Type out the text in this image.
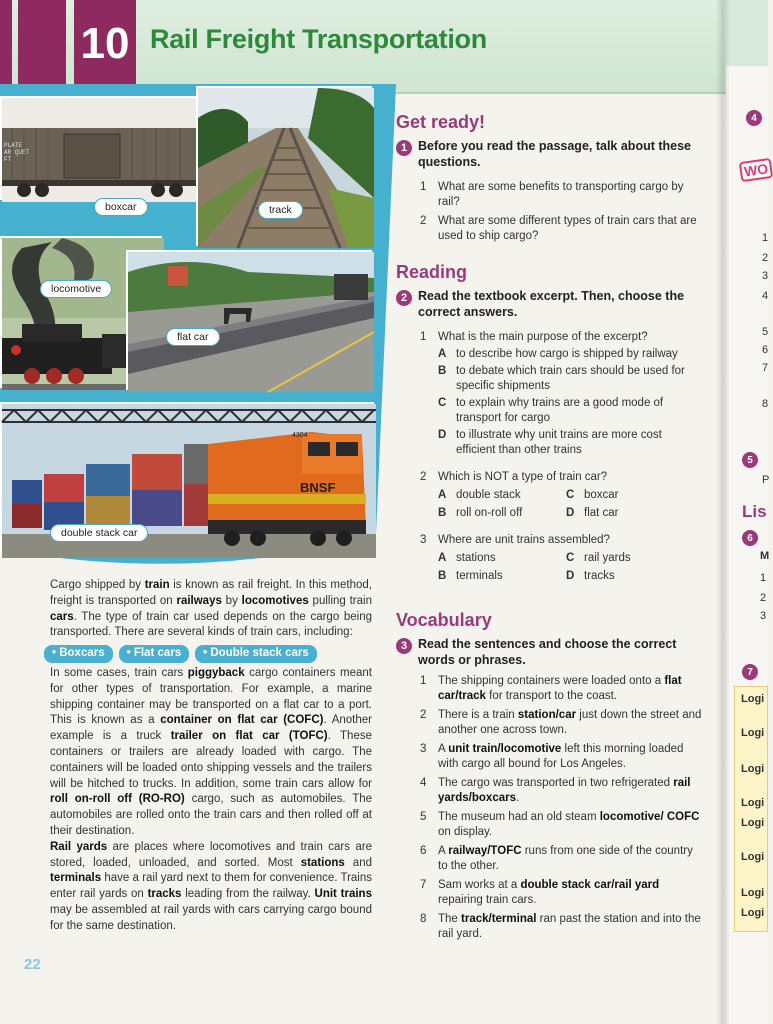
10 Rail Freight Transportation
PLATE
AR QUET
FT
BNSF
4304
boxcar	track
locomotive
flat car
double stack car

Cargo shipped by train is known as rail freight. In this method, freight is transported on railways by locomotives pulling train cars. The type of train car used depends on the cargo being transported. There are several kinds of train cars, including:

• Boxcars	• Flat cars	• Double stack cars

In some cases, train cars piggyback cargo containers meant for other types of transportation. For example, a marine shipping container may be transported on a flat car to a port. This is known as a container on flat car (COFC). Another example is a truck trailer on flat car (TOFC). These containers or trailers are already loaded with cargo. The containers will be loaded onto shipping vessels and the trailers will be hitched to trucks. In addition, some train cars allow for roll on-roll off (RO-RO) cargo, such as automobiles. The automobiles are rolled onto the train cars and then rolled off at their destination.

Rail yards are places where locomotives and train cars are stored, loaded, unloaded, and sorted. Most stations and terminals have a rail yard next to them for convenience. Trains enter rail yards on tracks leading from the railway. Unit trains may be assembled at rail yards with cars carrying cargo bound for the same destination.

22
Get ready!
1 Before you read the passage, talk about these questions.
1	What are some benefits to transporting cargo by rail?
2	What are some different types of train cars that are used to ship cargo?
Reading
2 Read the textbook excerpt. Then, choose the correct answers.
1	What is the main purpose of the excerpt?
A to describe how cargo is shipped by railway
B to debate which train cars should be used for specific shipments
C to explain why trains are a good mode of transport for cargo
D to illustrate why unit trains are more cost efficient than other trains
2	Which is NOT a type of train car?
A double stack	C boxcar
B roll on-roll off	D flat car
3	Where are unit trains assembled?
A stations	C rail yards
B terminals	D tracks
Vocabulary
3 Read the sentences and choose the correct words or phrases.
1	The shipping containers were loaded onto a flat car/track for transport to the coast.
2	There is a train station/car just down the street and another one across town.
3	A unit train/locomotive left this morning loaded with cargo all bound for Los Angeles.
4	The cargo was transported in two refrigerated rail yards/boxcars.
5	The museum had an old steam locomotive/ COFC on display.
6	A railway/TOFC runs from one side of the country to the other.
7	Sam works at a double stack car/rail yard repairing train cars.
8	The track/terminal ran past the station and into the rail yard.
4
WO
5
P
Lis
6
M
7
1
2
3
4
5
6
7
8
1
2
3
Logi
Logi
Logi
Logi
Logi
Logi
Logi
Logi
